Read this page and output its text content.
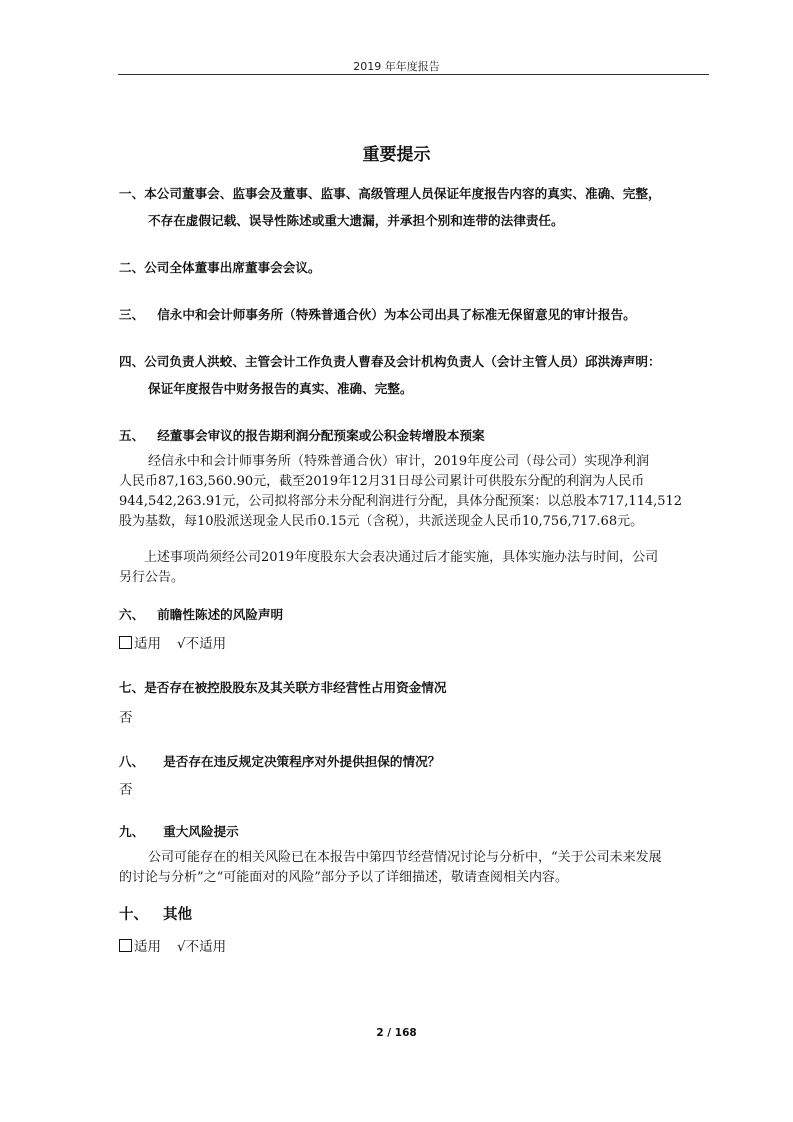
2019 年年度报告
重要提示
一、本公司董事会、监事会及董事、监事、高级管理人员保证年度报告内容的真实、准确、完整，
不存在虚假记载、误导性陈述或重大遗漏，并承担个别和连带的法律责任。
二、公司全体董事出席董事会会议。
三、 信永中和会计师事务所（特殊普通合伙）为本公司出具了标准无保留意见的审计报告。
四、公司负责人洪蛟、主管会计工作负责人曹春及会计机构负责人（会计主管人员）邱洪涛声明：
保证年度报告中财务报告的真实、准确、完整。
五、 经董事会审议的报告期利润分配预案或公积金转增股本预案
经信永中和会计师事务所（特殊普通合伙）审计，2019年度公司（母公司）实现净利润
人民币87,163,560.90元，截至2019年12月31日母公司累计可供股东分配的利润为人民币
944,542,263.91元，公司拟将部分未分配利润进行分配，具体分配预案：以总股本717,114,512
股为基数，每10股派送现金人民币0.15元（含税），共派送现金人民币10,756,717.68元。
上述事项尚须经公司2019年度股东大会表决通过后才能实施，具体实施办法与时间，公司
另行公告。
六、 前瞻性陈述的风险声明
适用 √不适用
七、是否存在被控股股东及其关联方非经营性占用资金情况
否
八、 是否存在违反规定决策程序对外提供担保的情况？
否
九、 重大风险提示
公司可能存在的相关风险已在本报告中第四节经营情况讨论与分析中，“关于公司未来发展
的讨论与分析”之“可能面对的风险”部分予以了详细描述，敬请查阅相关内容。
十、 其他
适用 √不适用
2 / 168
